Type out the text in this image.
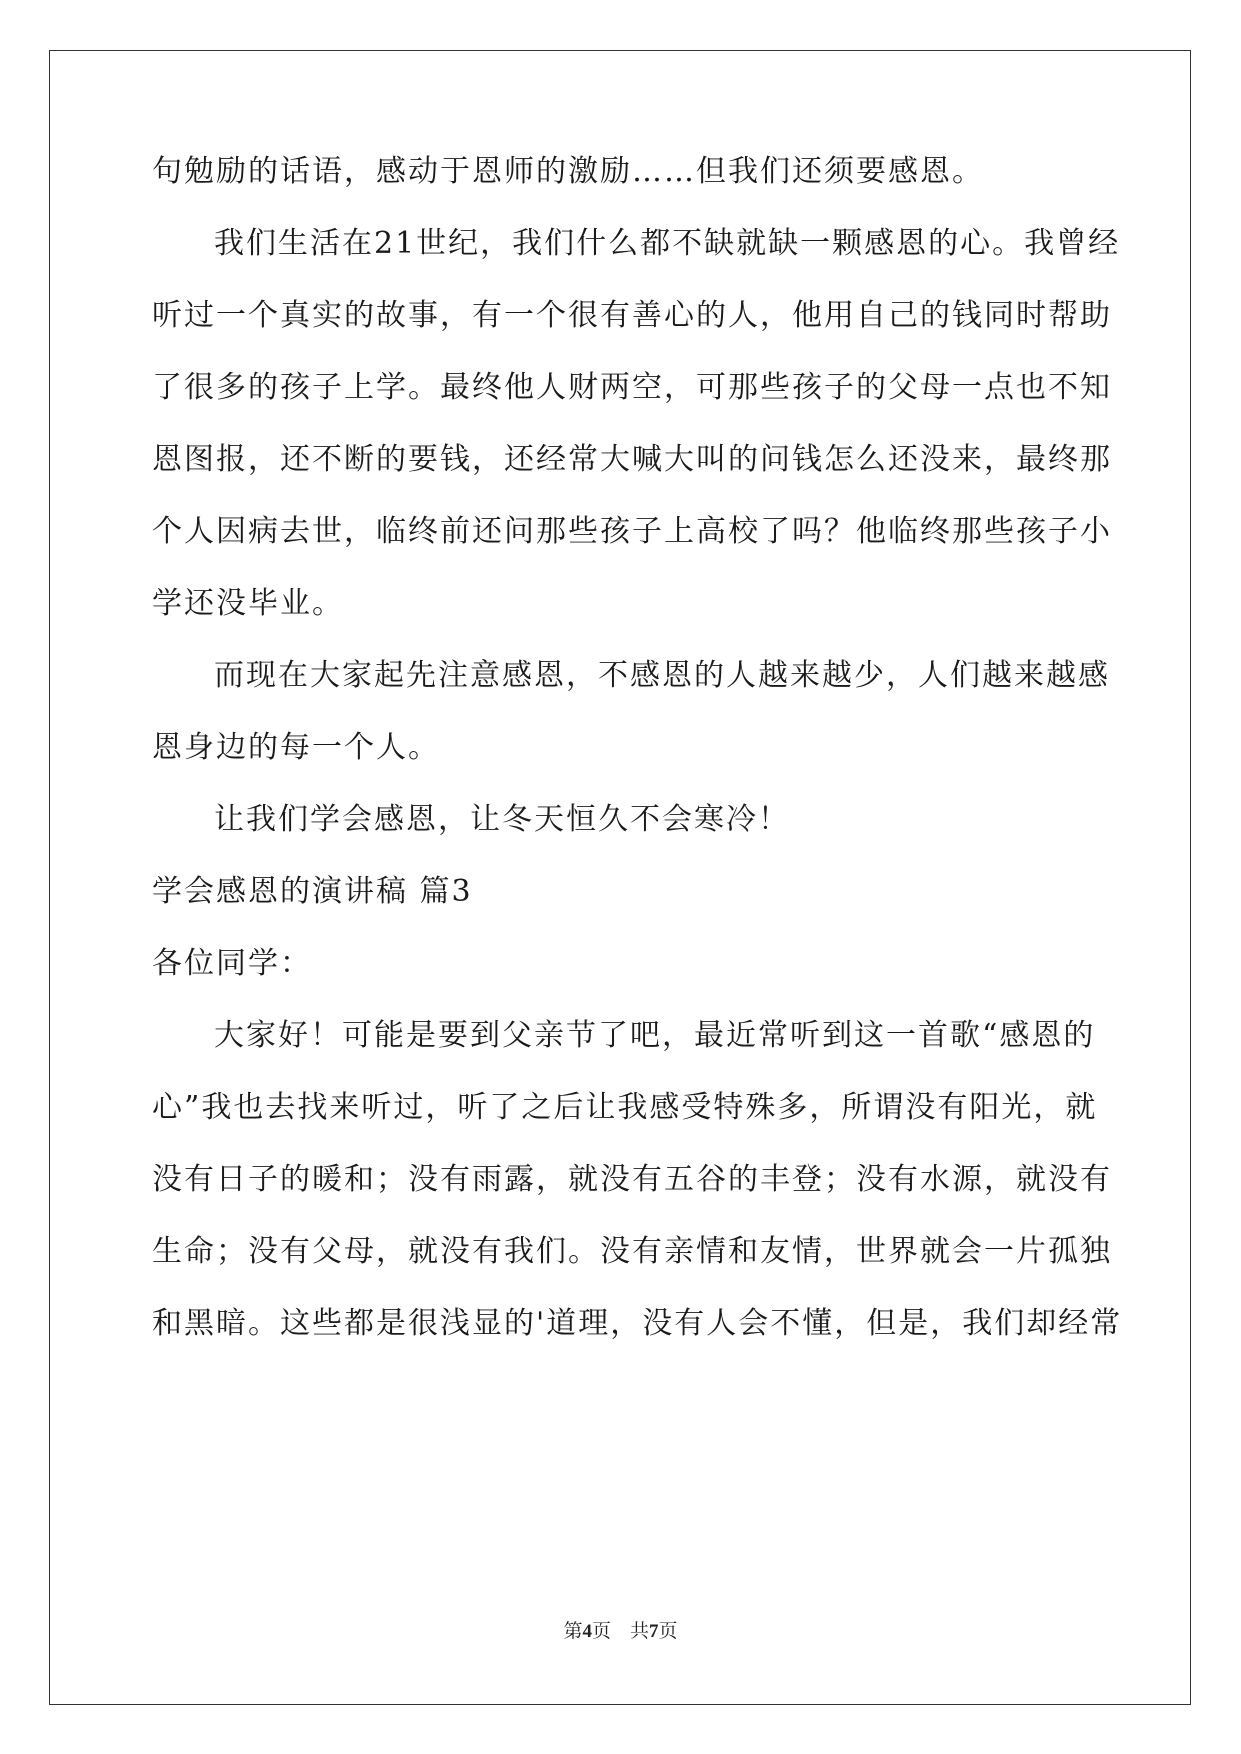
句勉励的话语，感动于恩师的激励……但我们还须要感恩。
我们生活在21世纪，我们什么都不缺就缺一颗感恩的心。我曾经
听过一个真实的故事，有一个很有善心的人，他用自己的钱同时帮助
了很多的孩子上学。最终他人财两空，可那些孩子的父母一点也不知
恩图报，还不断的要钱，还经常大喊大叫的问钱怎么还没来，最终那
个人因病去世，临终前还问那些孩子上高校了吗？他临终那些孩子小
学还没毕业。
而现在大家起先注意感恩，不感恩的人越来越少，人们越来越感
恩身边的每一个人。
让我们学会感恩，让冬天恒久不会寒冷！
学会感恩的演讲稿 篇3
各位同学：
大家好！可能是要到父亲节了吧，最近常听到这一首歌“感恩的
心”我也去找来听过，听了之后让我感受特殊多，所谓没有阳光，就
没有日子的暖和；没有雨露，就没有五谷的丰登；没有水源，就没有
生命；没有父母，就没有我们。没有亲情和友情，世界就会一片孤独
和黑暗。这些都是很浅显的'道理，没有人会不懂，但是，我们却经常
第4页　共7页
